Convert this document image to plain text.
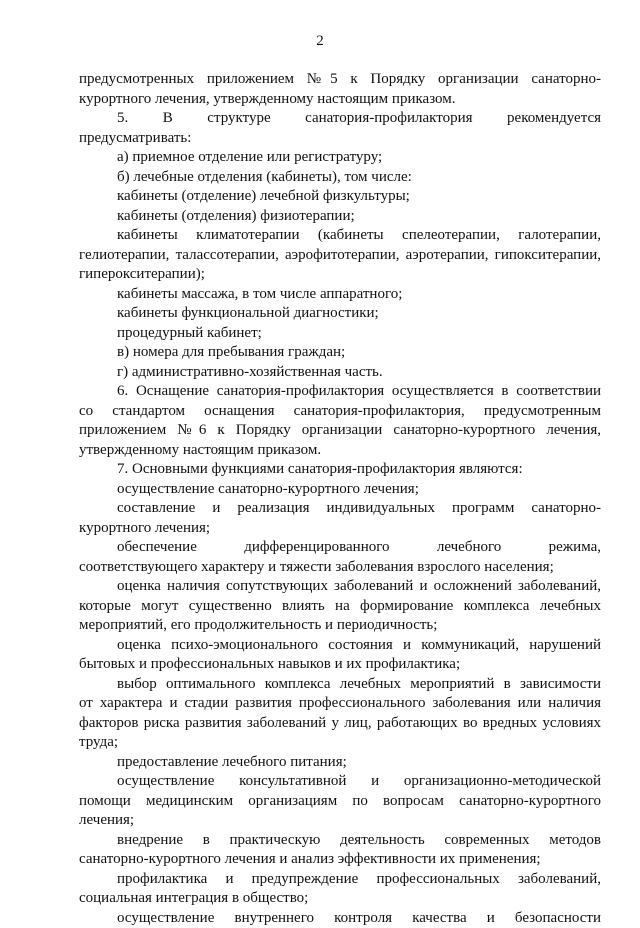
2

предусмотренных приложением №5 к Порядку организации санаторно-

курортного лечения, утвержденному настоящим приказом.

5. В структуре санатория-профилактория рекомендуется

предусматривать:

а) приемное отделение или регистратуру;

б) лечебные отделения (кабинеты), том числе:

кабинеты (отделение) лечебной физкультуры;

кабинеты (отделения) физиотерапии;

кабинеты климатотерапии (кабинеты спелеотерапии, галотерапии,

гелиотерапии, талассотерапии, аэрофитотерапии, аэротерапии, гипокситерапии,

гиперокситерапии);

кабинеты массажа, в том числе аппаратного;

кабинеты функциональной диагностики;

процедурный кабинет;

в) номера для пребывания граждан;

г) административно-хозяйственная часть.

6. Оснащение санатория-профилактория осуществляется в соответствии

со стандартом оснащения санатория-профилактория, предусмотренным

приложением №6 к Порядку организации санаторно-курортного лечения,

утвержденному настоящим приказом.

7. Основными функциями санатория-профилактория являются:

осуществление санаторно-курортного лечения;

составление и реализация индивидуальных программ санаторно-

курортного лечения;

обеспечение дифференцированного лечебного режима,

соответствующего характеру и тяжести заболевания взрослого населения;

оценка наличия сопутствующих заболеваний и осложнений заболеваний,

которые могут существенно влиять на формирование комплекса лечебных

мероприятий, его продолжительность и периодичность;

оценка психо-эмоционального состояния и коммуникаций, нарушений

бытовых и профессиональных навыков и их профилактика;

выбор оптимального комплекса лечебных мероприятий в зависимости

от характера и стадии развития профессионального заболевания или наличия

факторов риска развития заболеваний у лиц, работающих во вредных условиях

труда;

предоставление лечебного питания;

осуществление консультативной и организационно-методической

помощи медицинским организациям по вопросам санаторно-курортного

лечения;

внедрение в практическую деятельность современных методов

санаторно-курортного лечения и анализ эффективности их применения;

профилактика и предупреждение профессиональных заболеваний,

социальная интеграция в общество;

осуществление внутреннего контроля качества и безопасности
